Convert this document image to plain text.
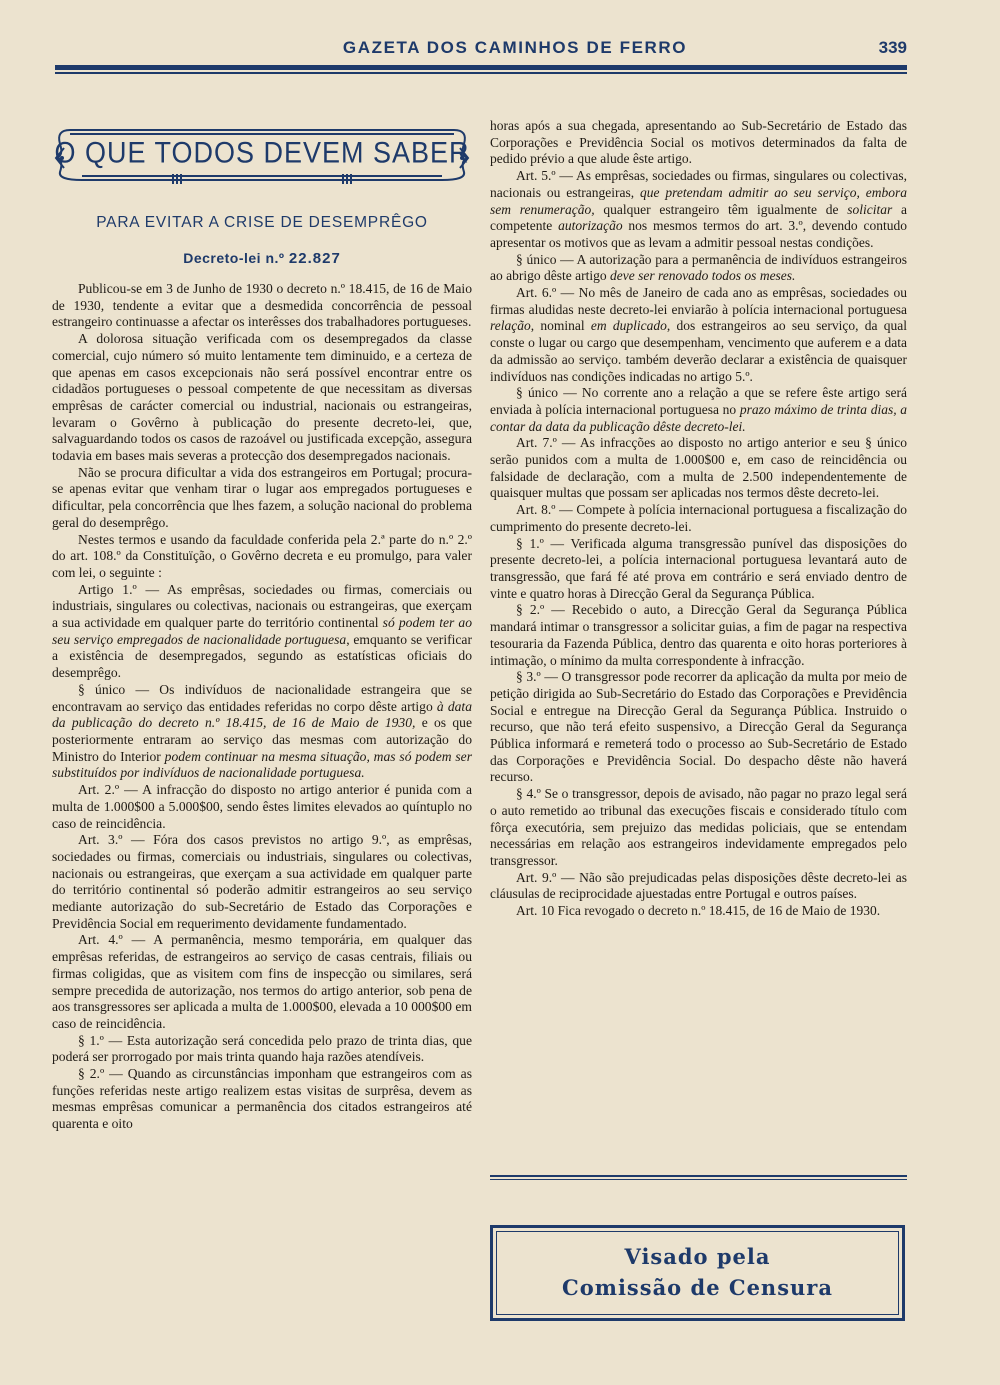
GAZETA DOS CAMINHOS DE FERRO	339
O QUE TODOS DEVEM SABER
PARA EVITAR A CRISE DE DESEMPRÊGO
Decreto-lei n.º 22.827

Publicou-se em 3 de Junho de 1930 o decreto n.º 18.415, de 16 de Maio de 1930, tendente a evitar que a desmedida concorrência de pessoal estrangeiro continuasse a afectar os interêsses dos trabalhadores portugueses.

A dolorosa situação verificada com os desempregados da classe comercial, cujo número só muito lentamente tem diminuido, e a certeza de que apenas em casos excepcionais não será possível encontrar entre os cidadãos portugueses o pessoal competente de que necessitam as diversas emprêsas de carácter comercial ou industrial, nacionais ou estrangeiras, levaram o Govêrno à publicação do presente decreto-lei, que, salvaguardando todos os casos de razoável ou justificada excepção, assegura todavia em bases mais severas a protecção dos desempregados nacionais.

Não se procura dificultar a vida dos estrangeiros em Portugal; procura-se apenas evitar que venham tirar o lugar aos empregados portugueses e dificultar, pela concorrência que lhes fazem, a solução nacional do problema geral do desemprêgo.

Nestes termos e usando da faculdade conferida pela 2.ª parte do n.º 2.º do art. 108.º da Constituïção, o Govêrno decreta e eu promulgo, para valer com lei, o seguinte :

Artigo 1.º — As emprêsas, sociedades ou firmas, comerciais ou industriais, singulares ou colectivas, nacionais ou estrangeiras, que exerçam a sua actividade em qualquer parte do território continental só podem ter ao seu serviço empregados de nacionalidade portuguesa, emquanto se verificar a existência de desempregados, segundo as estatísticas oficiais do desemprêgo.

§ único — Os indivíduos de nacionalidade estrangeira que se encontravam ao serviço das entidades referidas no corpo dêste artigo à data da publicação do decreto n.º 18.415, de 16 de Maio de 1930, e os que posteriormente entraram ao serviço das mesmas com autorização do Ministro do Interior podem continuar na mesma situação, mas só podem ser substituídos por indivíduos de nacionalidade portuguesa.

Art. 2.º — A infracção do disposto no artigo anterior é punida com a multa de 1.000$00 a 5.000$00, sendo êstes limites elevados ao quíntuplo no caso de reincidência.

Art. 3.º — Fóra dos casos previstos no artigo 9.º, as emprêsas, sociedades ou firmas, comerciais ou industriais, singulares ou colectivas, nacionais ou estrangeiras, que exerçam a sua actividade em qualquer parte do território continental só poderão admitir estrangeiros ao seu serviço mediante autorização do sub-Secretário de Estado das Corporações e Previdência Social em requerimento devidamente fundamentado.

Art. 4.º — A permanência, mesmo temporária, em qualquer das emprêsas referidas, de estrangeiros ao serviço de casas centrais, filiais ou firmas coligidas, que as visitem com fins de inspecção ou similares, será sempre precedida de autorização, nos termos do artigo anterior, sob pena de aos transgressores ser aplicada a multa de 1.000$00, elevada a 10 000$00 em caso de reincidência.

§ 1.º — Esta autorização será concedida pelo prazo de trinta dias, que poderá ser prorrogado por mais trinta quando haja razões atendíveis.

§ 2.º — Quando as circunstâncias imponham que estrangeiros com as funções referidas neste artigo realizem estas visitas de surprêsa, devem as mesmas emprêsas comunicar a permanência dos citados estrangeiros até quarenta e oito

horas após a sua chegada, apresentando ao Sub-Secretário de Estado das Corporações e Previdência Social os motivos determinados da falta de pedido prévio a que alude êste artigo.

Art. 5.º — As emprêsas, sociedades ou firmas, singulares ou colectivas, nacionais ou estrangeiras, que pretendam admitir ao seu serviço, embora sem renumeração, qualquer estrangeiro têm igualmente de solicitar a competente autorização nos mesmos termos do art. 3.º, devendo contudo apresentar os motivos que as levam a admitir pessoal nestas condições.

§ único — A autorização para a permanência de indivíduos estrangeiros ao abrigo dêste artigo deve ser renovado todos os meses.

Art. 6.º — No mês de Janeiro de cada ano as emprêsas, sociedades ou firmas aludidas neste decreto-lei enviarão à polícia internacional portuguesa relação, nominal em duplicado, dos estrangeiros ao seu serviço, da qual conste o lugar ou cargo que desempenham, vencimento que auferem e a data da admissão ao serviço. também deverão declarar a existência de quaisquer indivíduos nas condições indicadas no artigo 5.º.

§ único — No corrente ano a relação a que se refere êste artigo será enviada à polícia internacional portuguesa no prazo máximo de trinta dias, a contar da data da publicação dêste decreto-lei.

Art. 7.º — As infracções ao disposto no artigo anterior e seu § único serão punidos com a multa de 1.000$00 e, em caso de reincidência ou falsidade de declaração, com a multa de 2.500 independentemente de quaisquer multas que possam ser aplicadas nos termos dêste decreto-lei.

Art. 8.º — Compete à polícia internacional portuguesa a fiscalização do cumprimento do presente decreto-lei.

§ 1.º — Verificada alguma transgressão punível das disposições do presente decreto-lei, a polícia internacional portuguesa levantará auto de transgressão, que fará fé até prova em contrário e será enviado dentro de vinte e quatro horas à Direcção Geral da Segurança Pública.

§ 2.º — Recebido o auto, a Direcção Geral da Segurança Pública mandará intimar o transgressor a solicitar guias, a fim de pagar na respectiva tesouraria da Fazenda Pública, dentro das quarenta e oito horas porteriores à intimação, o mínimo da multa correspondente à infracção.

§ 3.º — O transgressor pode recorrer da aplicação da multa por meio de petição dirigida ao Sub-Secretário do Estado das Corporações e Previdência Social e entregue na Direcção Geral da Segurança Pública. Instruido o recurso, que não terá efeito suspensivo, a Direcção Geral da Segurança Pública informará e remeterá todo o processo ao Sub-Secretário de Estado das Corporações e Previdência Social. Do despacho dêste não haverá recurso.

§ 4.º Se o transgressor, depois de avisado, não pagar no prazo legal será o auto remetido ao tribunal das execuções fiscais e considerado título com fôrça executória, sem prejuizo das medidas policiais, que se entendam necessárias em relação aos estrangeiros indevidamente empregados pelo transgressor.

Art. 9.º — Não são prejudicadas pelas disposições dêste decreto-lei as cláusulas de reciprocidade ajuestadas entre Portugal e outros países.

Art. 10 Fica revogado o decreto n.º 18.415, de 16 de Maio de 1930.

Visado pela
Comissão de Censura
